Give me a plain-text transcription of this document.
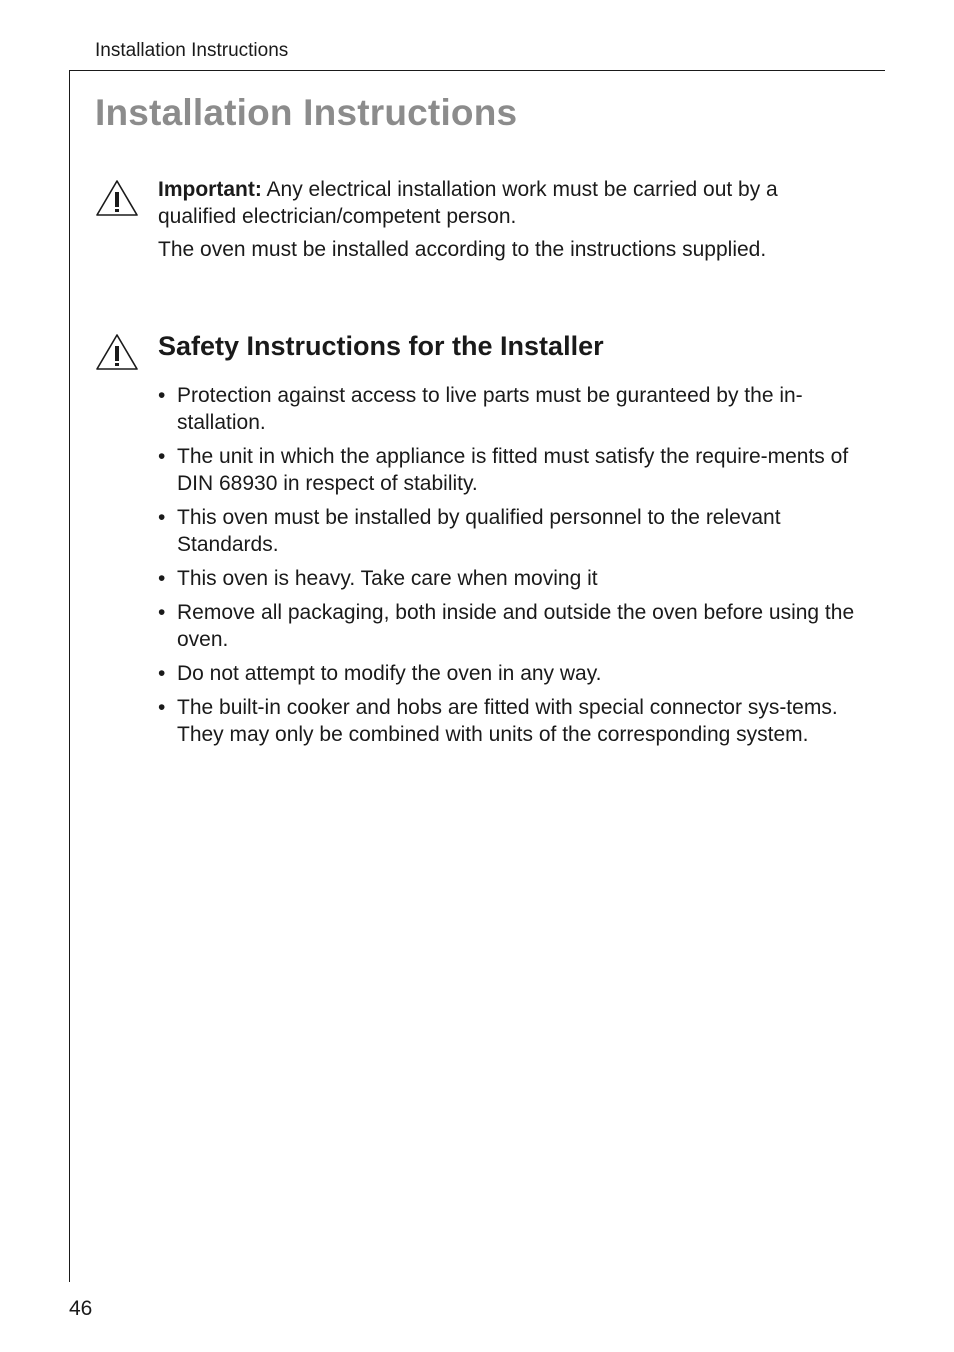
Installation Instructions
Installation Instructions

Important: Any electrical installation work must be carried out by a qualified electrician/competent person.

The oven must be installed according to the instructions supplied.

Safety Instructions for the Installer
• Protection against access to live parts must be guranteed by the in-stallation.
• The unit in which the appliance is fitted must satisfy the require-ments of DIN 68930 in respect of stability.
• This oven must be installed by qualified personnel to the relevant Standards.
• This oven is heavy. Take care when moving it
• Remove all packaging, both inside and outside the oven before using the oven.
• Do not attempt to modify the oven in any way.
• The built-in cooker and hobs are fitted with special connector sys-tems. They may only be combined with units of the corresponding system.
46
